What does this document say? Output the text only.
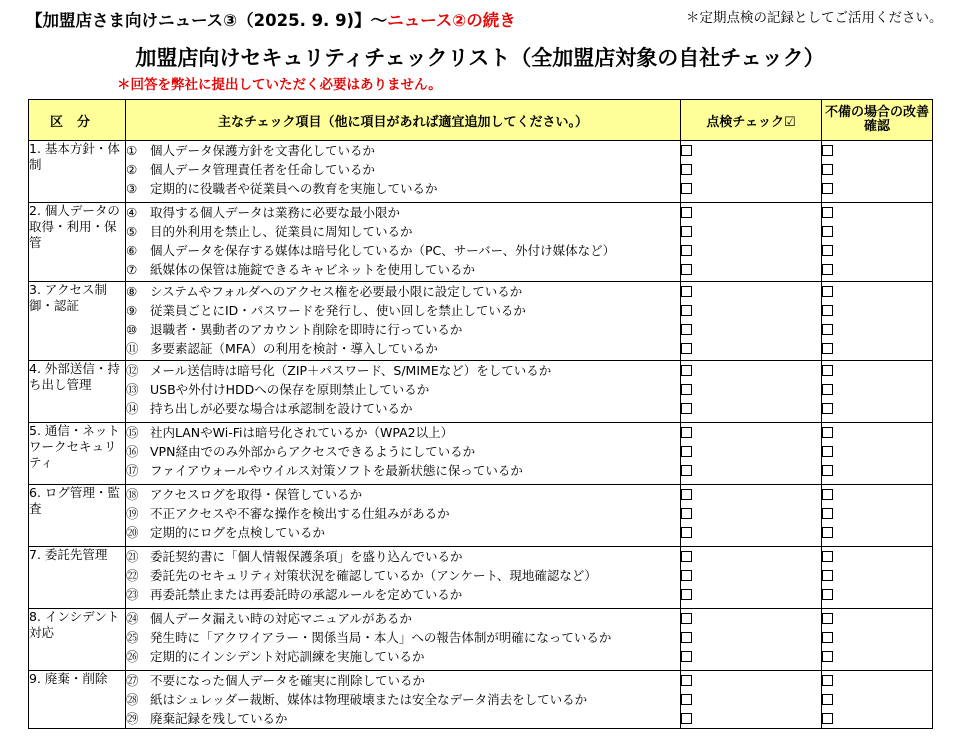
【加盟店さま向けニュース③（2025. 9. 9)】～ニュース②の続き	＊定期点検の記録としてご活用ください。
加盟店向けセキュリティチェックリスト（全加盟店対象の自社チェック）
＊回答を弊社に提出していただく必要はありません。
区分	主なチェック項目（他に項目があれば適宜追加してください。）	点検チェック☑	不備の場合の改善確認
1. 基本方針・体制	① 個人データ保護方針を文書化しているか
② 個人データ管理責任者を任命しているか
③ 定期的に役職者や従業員への教育を実施しているか		

2. 個人データの取得・利用・保管	④ 取得する個人データは業務に必要な最小限か
⑤ 目的外利用を禁止し、従業員に周知しているか
⑥ 個人データを保存する媒体は暗号化しているか（PC、サーバー、外付け媒体など）
⑦ 紙媒体の保管は施錠できるキャビネットを使用しているか		

3. アクセス制御・認証	⑧ システムやフォルダへのアクセス権を必要最小限に設定しているか
⑨ 従業員ごとにID・パスワードを発行し、使い回しを禁止しているか
⑩ 退職者・異動者のアカウント削除を即時に行っているか
⑪ 多要素認証（MFA）の利用を検討・導入しているか		

4. 外部送信・持ち出し管理	⑫ メール送信時は暗号化（ZIP＋パスワード、S/MIMEなど）をしているか
⑬ USBや外付けHDDへの保存を原則禁止しているか
⑭ 持ち出しが必要な場合は承認制を設けているか		

5. 通信・ネットワークセキュリティ	⑮ 社内LANやWi-Fiは暗号化されているか（WPA2以上）
⑯ VPN経由でのみ外部からアクセスできるようにしているか
⑰ ファイアウォールやウイルス対策ソフトを最新状態に保っているか		

6. ログ管理・監査	⑱ アクセスログを取得・保管しているか
⑲ 不正アクセスや不審な操作を検出する仕組みがあるか
⑳ 定期的にログを点検しているか		

7. 委託先管理	㉑ 委託契約書に「個人情報保護条項」を盛り込んでいるか
㉒ 委託先のセキュリティ対策状況を確認しているか（アンケート、現地確認など）
㉓ 再委託禁止または再委託時の承認ルールを定めているか		

8. インシデント対応	㉔ 個人データ漏えい時の対応マニュアルがあるか
㉕ 発生時に「アクワイアラー・関係当局・本人」への報告体制が明確になっているか
㉖ 定期的にインシデント対応訓練を実施しているか		

9. 廃棄・削除	㉗ 不要になった個人データを確実に削除しているか
㉘ 紙はシュレッダー裁断、媒体は物理破壊または安全なデータ消去をしているか
㉙ 廃棄記録を残しているか		
